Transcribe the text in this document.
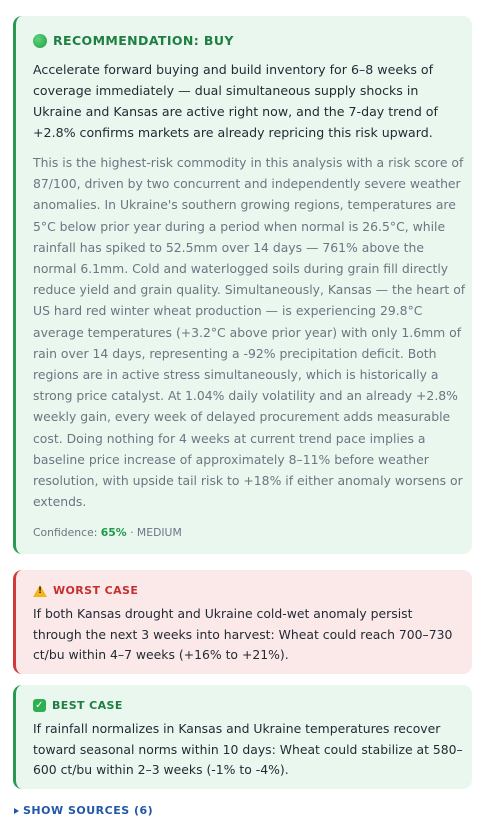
RECOMMENDATION: BUY
Accelerate forward buying and build inventory for 6–8 weeks of coverage immediately — dual simultaneous supply shocks in Ukraine and Kansas are active right now, and the 7-day trend of +2.8% confirms markets are already repricing this risk upward.
This is the highest-risk commodity in this analysis with a risk score of 87/100, driven by two concurrent and independently severe weather anomalies. In Ukraine's southern growing regions, temperatures are 5°C below prior year during a period when normal is 26.5°C, while rainfall has spiked to 52.5mm over 14 days — 761% above the normal 6.1mm. Cold and waterlogged soils during grain fill directly reduce yield and grain quality. Simultaneously, Kansas — the heart of US hard red winter wheat production — is experiencing 29.8°C average temperatures (+3.2°C above prior year) with only 1.6mm of rain over 14 days, representing a -92% precipitation deficit. Both regions are in active stress simultaneously, which is historically a strong price catalyst. At 1.04% daily volatility and an already +2.8% weekly gain, every week of delayed procurement adds measurable cost. Doing nothing for 4 weeks at current trend pace implies a baseline price increase of approximately 8–11% before weather resolution, with upside tail risk to +18% if either anomaly worsens or extends.
Confidence: 65% · MEDIUM
!
WORST CASE
If both Kansas drought and Ukraine cold-wet anomaly persist through the next 3 weeks into harvest: Wheat could reach 700–730 ct/bu within 4–7 weeks (+16% to +21%).
✓ BEST CASE
If rainfall normalizes in Kansas and Ukraine temperatures recover toward seasonal norms within 10 days: Wheat could stabilize at 580–600 ct/bu within 2–3 weeks (-1% to -4%).
SHOW SOURCES (6)
